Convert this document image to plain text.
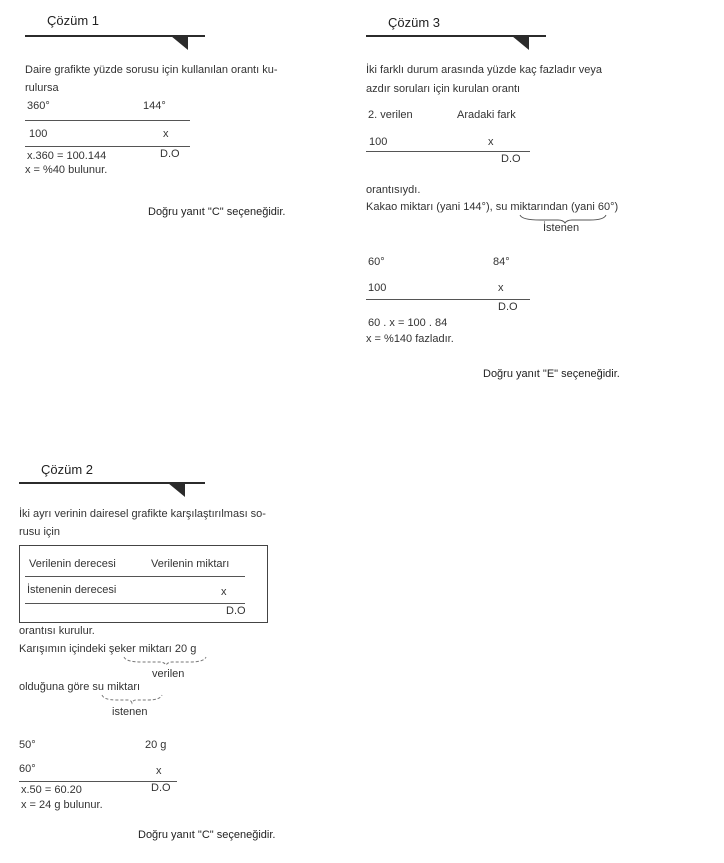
Çözüm 1
Daire grafikte yüzde sorusu için kullanılan orantı ku-
rulursa
360°	144°
100	x
D.O
x.360 = 100.144
x = %40 bulunur.
Doğru yanıt "C" seçeneğidir.
Çözüm 3
İki farklı durum arasında yüzde kaç fazladır veya
azdır soruları için kurulan orantı
2. verilen	Aradaki fark
100	x
D.O
orantısıydı.
Kakao miktarı (yani 144°), su miktarından (yani 60°)
İstenen
60°	84°
100	x
D.O
60 . x = 100 . 84
x = %140 fazladır.
Doğru yanıt "E" seçeneğidir.
Çözüm 2
İki ayrı verinin dairesel grafikte karşılaştırılması so-
rusu için
Verilenin derecesi	Verilenin miktarı
İstenenin derecesi	x
D.O
orantısı kurulur.
Karışımın içindeki şeker miktarı 20 g
verilen
olduğuna göre su miktarı
istenen
50°	20 g
60°	x
D.O
x.50 = 60.20
x = 24 g bulunur.
Doğru yanıt "C" seçeneğidir.
